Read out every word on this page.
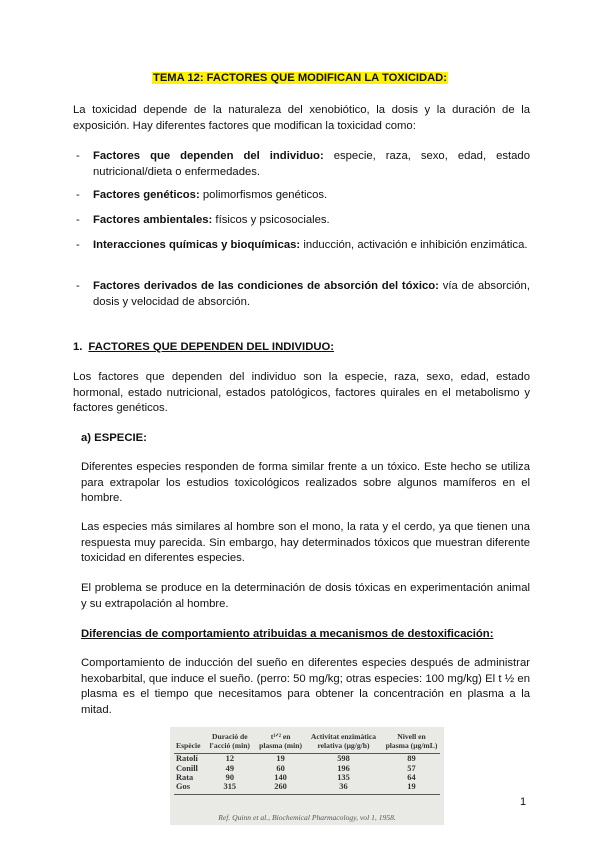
TEMA 12: FACTORES QUE MODIFICAN LA TOXICIDAD:

La toxicidad depende de la naturaleza del xenobiótico, la dosis y la duración de la exposición. Hay diferentes factores que modifican la toxicidad como:

- Factores que dependen del individuo: especie, raza, sexo, edad, estado nutricional/dieta o enfermedades.
- Factores genéticos: polimorfismos genéticos.
- Factores ambientales: físicos y psicosociales.
- Interacciones químicas y bioquímicas: inducción, activación e inhibición enzimática.
- Factores derivados de las condiciones de absorción del tóxico: vía de absorción, dosis y velocidad de absorción.
1. FACTORES QUE DEPENDEN DEL INDIVIDUO:

Los factores que dependen del individuo son la especie, raza, sexo, edad, estado hormonal, estado nutricional, estados patológicos, factores quirales en el metabolismo y factores genéticos.

a) ESPECIE:

Diferentes especies responden de forma similar frente a un tóxico. Este hecho se utiliza para extrapolar los estudios toxicológicos realizados sobre algunos mamíferos en el hombre.

Las especies más similares al hombre son el mono, la rata y el cerdo, ya que tienen una respuesta muy parecida. Sin embargo, hay determinados tóxicos que muestran diferente toxicidad en diferentes especies.

El problema se produce en la determinación de dosis tóxicas en experimentación animal y su extrapolación al hombre.

Diferencias de comportamiento atribuidas a mecanismos de destoxificación:

Comportamiento de inducción del sueño en diferentes especies después de administrar hexobarbital, que induce el sueño. (perro: 50 mg/kg; otras especies: 100 mg/kg) El t ½ en plasma es el tiempo que necesitamos para obtener la concentración en plasma a la mitad.

Espècie	Duració de l'acció (min)	t¹ᐟ² en plasma (min)	Activitat enzimàtica relativa (μg/g/h)	Nivell en plasma (μg/mL)
Ratolí	12	19	598	89
Conill	49	60	196	57
Rata	90	140	135	64
Gos	315	260	36	19
Ref. Quinn et al., Biochemical Pharmacology, vol 1, 1958.
1
